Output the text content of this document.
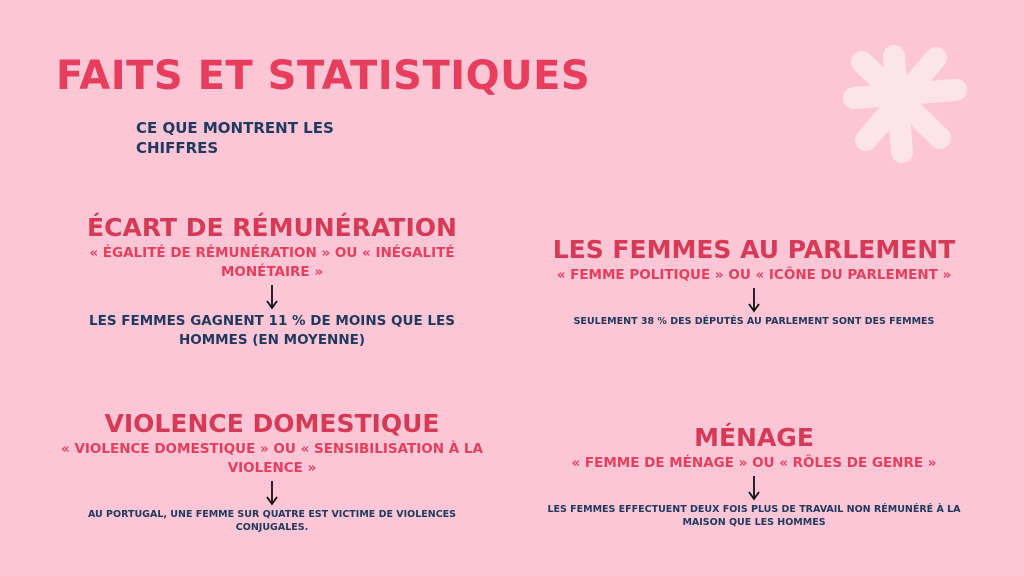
FAITS ET STATISTIQUES
CE QUE MONTRENT LES CHIFFRES
ÉCART DE RÉMUNÉRATION
« ÉGALITÉ DE RÉMUNÉRATION » OU « INÉGALITÉ MONÉTAIRE »
LES FEMMES GAGNENT 11 % DE MOINS QUE LES HOMMES (EN MOYENNE)
LES FEMMES AU PARLEMENT
« FEMME POLITIQUE » OU « ICÔNE DU PARLEMENT »
SEULEMENT 38 % DES DÉPUTÉS AU PARLEMENT SONT DES FEMMES
VIOLENCE DOMESTIQUE
« VIOLENCE DOMESTIQUE » OU « SENSIBILISATION À LA VIOLENCE »
AU PORTUGAL, UNE FEMME SUR QUATRE EST VICTIME DE VIOLENCES CONJUGALES.
MÉNAGE
« FEMME DE MÉNAGE » OU « RÔLES DE GENRE »
LES FEMMES EFFECTUENT DEUX FOIS PLUS DE TRAVAIL NON RÉMUNÉRÉ À LA MAISON QUE LES HOMMES
